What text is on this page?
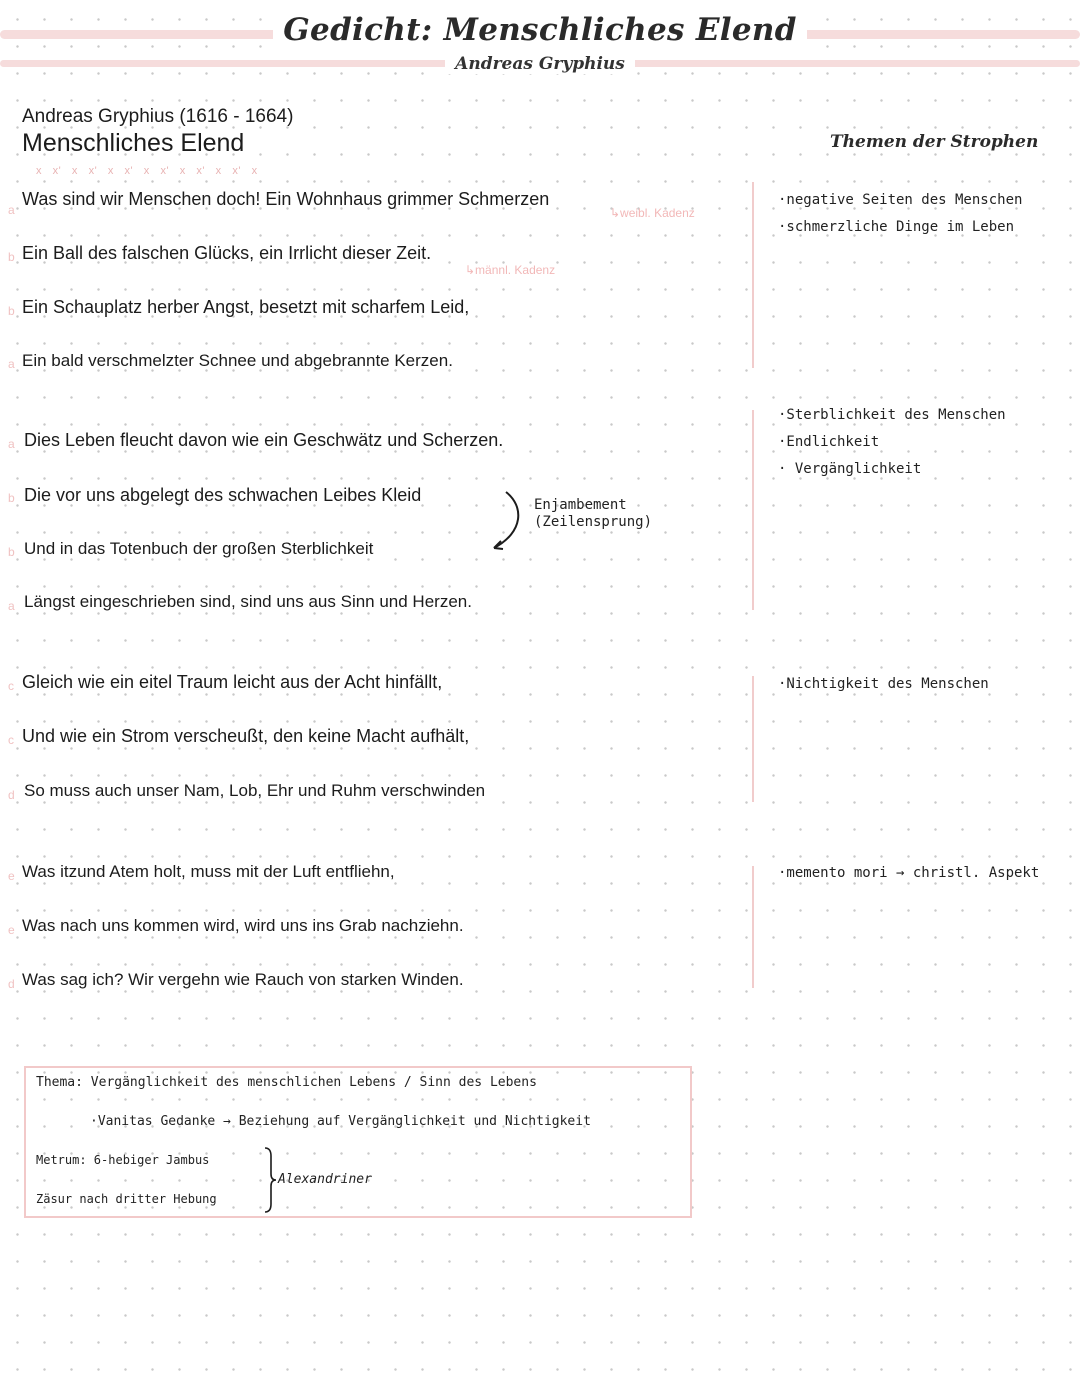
Gedicht: Menschliches Elend
Andreas Gryphius
Andreas Gryphius (1616 - 1664)
Menschliches Elend
x   x'   x   x'   x   x'   x   x'   x   x'   x   x'   x
a
Was sind wir Menschen doch! Ein Wohnhaus grimmer Schmerzen
↳weibl. Kadenz
b Ein Ball des falschen Glücks, ein Irrlicht dieser Zeit.
↳männl. Kadenz
b Ein Schauplatz herber Angst, besetzt mit scharfem Leid,
a Ein bald verschmelzter Schnee und abgebrannte Kerzen.
a Dies Leben fleucht davon wie ein Geschwätz und Scherzen.
b Die vor uns abgelegt des schwachen Leibes Kleid
b Und in das Totenbuch der großen Sterblichkeit
a Längst eingeschrieben sind, sind uns aus Sinn und Herzen.
Enjambement
(Zeilensprung)
c Gleich wie ein eitel Traum leicht aus der Acht hinfällt,
c Und wie ein Strom verscheußt, den keine Macht aufhält,
d So muss auch unser Nam, Lob, Ehr und Ruhm verschwinden
e Was itzund Atem holt, muss mit der Luft entfliehn,
e Was nach uns kommen wird, wird uns ins Grab nachziehn.
d Was sag ich? Wir vergehn wie Rauch von starken Winden.
Themen der Strophen
·negative Seiten des Menschen
·schmerzliche Dinge im Leben
·Sterblichkeit des Menschen
·Endlichkeit
· Vergänglichkeit
·Nichtigkeit des Menschen
·memento mori → christl. Aspekt
Thema: Vergänglichkeit des menschlichen Lebens / Sinn des Lebens
·Vanitas Gedanke → Beziehung auf Vergänglichkeit und Nichtigkeit
Metrum: 6-hebiger Jambus
Zäsur nach dritter Hebung
Alexandriner
